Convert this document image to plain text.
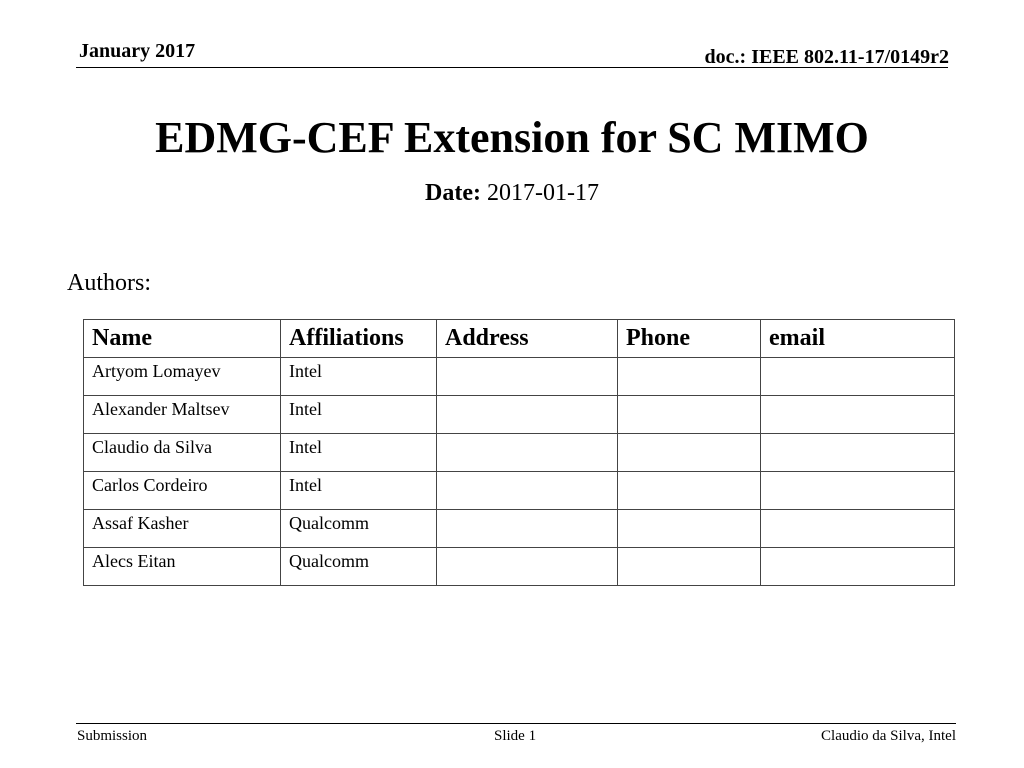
January 2017	doc.: IEEE 802.11-17/0149r2
EDMG-CEF Extension for SC MIMO
Date: 2017-01-17
Authors:
Name	Affiliations	Address	Phone	email
Artyom Lomayev	Intel			
Alexander Maltsev	Intel			
Claudio da Silva	Intel			
Carlos Cordeiro	Intel			
Assaf Kasher	Qualcomm			
Alecs Eitan	Qualcomm			
Submission	Slide 1	Claudio da Silva, Intel
